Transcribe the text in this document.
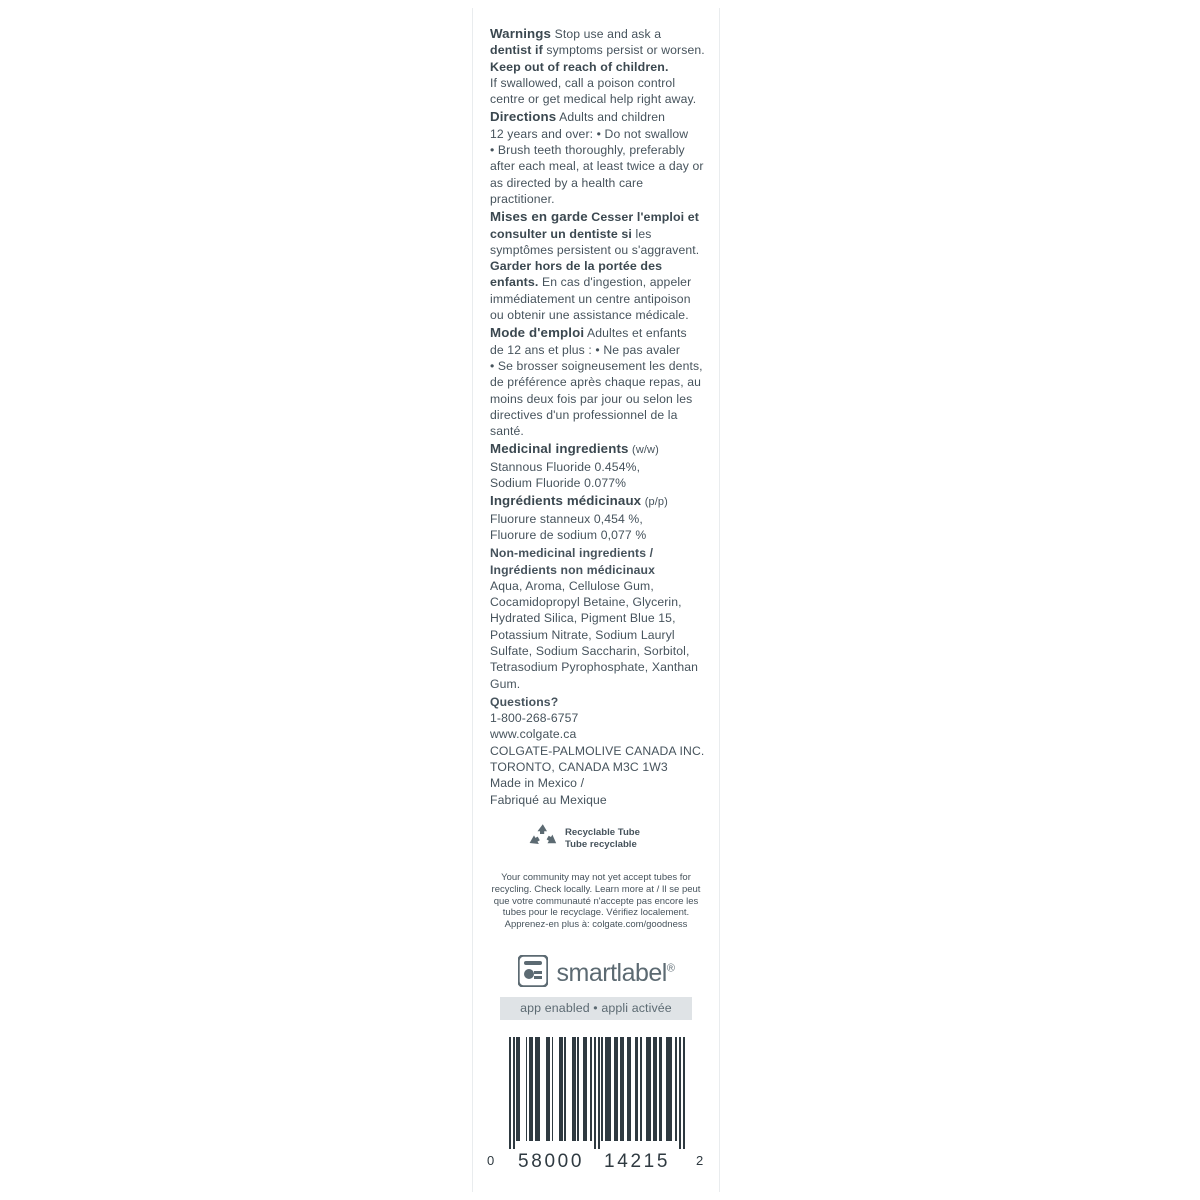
Warnings Stop use and ask a

dentist if symptoms persist or worsen.

Keep out of reach of children.

If swallowed, call a poison control

centre or get medical help right away.

Directions Adults and children

12 years and over: • Do not swallow

• Brush teeth thoroughly, preferably

after each meal, at least twice a day or

as directed by a health care

practitioner.

Mises en garde Cesser l'emploi et

consulter un dentiste si les

symptômes persistent ou s'aggravent.

Garder hors de la portée des

enfants. En cas d'ingestion, appeler

immédiatement un centre antipoison

ou obtenir une assistance médicale.

Mode d'emploi Adultes et enfants

de 12 ans et plus : • Ne pas avaler

• Se brosser soigneusement les dents,

de préférence après chaque repas, au

moins deux fois par jour ou selon les

directives d'un professionnel de la

santé.

Medicinal ingredients (w/w)

Stannous Fluoride 0.454%,

Sodium Fluoride 0.077%

Ingrédients médicinaux (p/p)

Fluorure stanneux 0,454 %,

Fluorure de sodium 0,077 %

Non-medicinal ingredients /

Ingrédients non médicinaux

Aqua, Aroma, Cellulose Gum,

Cocamidopropyl Betaine, Glycerin,

Hydrated Silica, Pigment Blue 15,

Potassium Nitrate, Sodium Lauryl

Sulfate, Sodium Saccharin, Sorbitol,

Tetrasodium Pyrophosphate, Xanthan

Gum.

Questions?

1-800-268-6757

www.colgate.ca

COLGATE-PALMOLIVE CANADA INC.

TORONTO, CANADA M3C 1W3

Made in Mexico /

Fabriqué au Mexique

Recyclable Tube
Tube recyclable
Your community may not yet accept tubes for
recycling. Check locally. Learn more at / Il se peut
que votre communauté n'accepte pas encore les
tubes pour le recyclage. Vérifiez localement.
Apprenez-en plus à: colgate.com/goodness
smartlabel®
app enabled • appli activée
0 58000 14215 2
